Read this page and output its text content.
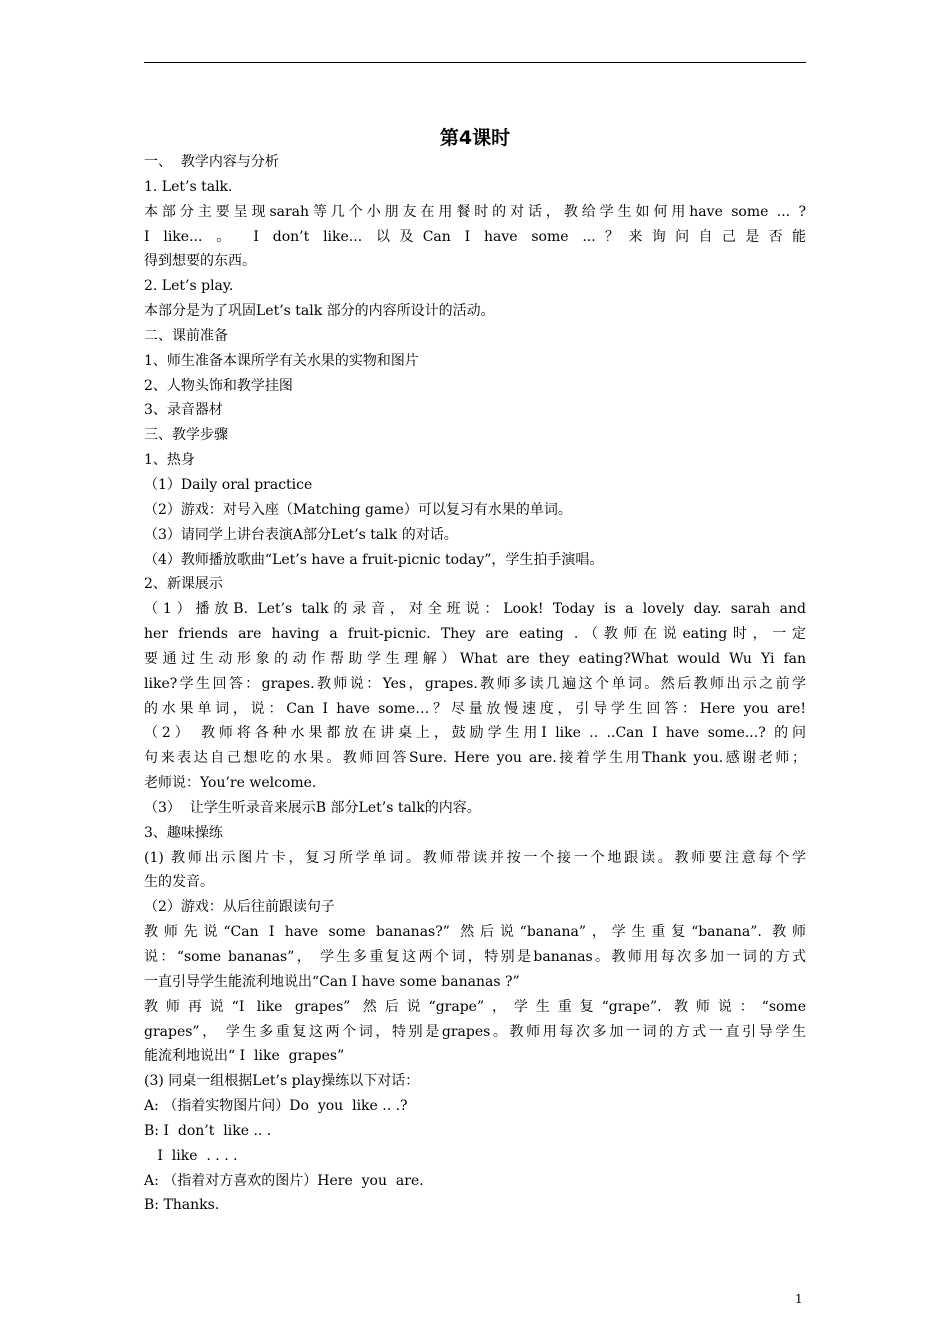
第4课时
一、  教学内容与分析
1. Let’s talk.
本部分主要呈现sarah等几个小朋友在用餐时的对话，教给学生如何用have some ... ?
I like... 。 I don’t like... 以及Can I have some ...？来询问自己是否能
得到想要的东西。
2. Let’s play.
本部分是为了巩固Let’s talk 部分的内容所设计的活动。
二、课前准备
1、师生准备本课所学有关水果的实物和图片
2、人物头饰和教学挂图
3、录音器材
三、教学步骤
1、热身
（1）Daily oral practice
（2）游戏：对号入座（Matching game）可以复习有水果的单词。
（3）请同学上讲台表演A部分Let’s talk 的对话。
（4）教师播放歌曲“Let’s have a fruit-picnic today”，学生拍手演唱。
2、新课展示
（1）播放B. Let’s talk的录音，对全班说：Look! Today is a lovely day. sarah and
her friends are having a fruit-picnic. They are eating .（教师在说eating时，一定
要通过生动形象的动作帮助学生理解）What are they eating?What would Wu Yi fan
like?学生回答：grapes.教师说：Yes，grapes.教师多读几遍这个单词。然后教师出示之前学
的水果单词，说：Can I have some…？尽量放慢速度，引导学生回答：Here you are!
（2） 教师将各种水果都放在讲桌上，鼓励学生用I like .. ..Can I have some...? 的问
句来表达自己想吃的水果。教师回答Sure. Here you are.接着学生用Thank you.感谢老师；
老师说：You’re welcome.
（3）  让学生听录音来展示B 部分Let’s talk的内容。
3、趣味操练
(1) 教师出示图片卡，复习所学单词。教师带读并按一个接一个地跟读。教师要注意每个学
生的发音。
（2）游戏：从后往前跟读句子
教师先说“Can I have some bananas?” 然后说“banana”，学生重复“banana”. 教师
说：“some bananas”， 学生多重复这两个词，特别是bananas。教师用每次多加一词的方式
一直引导学生能流利地说出“Can I have some bananas ?”
教师再说“I like grapes” 然后说“grape”，学生重复“grape”. 教师说：“some
grapes”， 学生多重复这两个词，特别是grapes。教师用每次多加一词的方式一直引导学生
能流利地说出“ I  like  grapes”
(3) 同桌一组根据Let’s play操练以下对话：
A: （指着实物图片问）Do  you  like .. .?
B: I  don’t  like .. .
I  like  . . . .
A: （指着对方喜欢的图片）Here  you  are.
B: Thanks.
1
